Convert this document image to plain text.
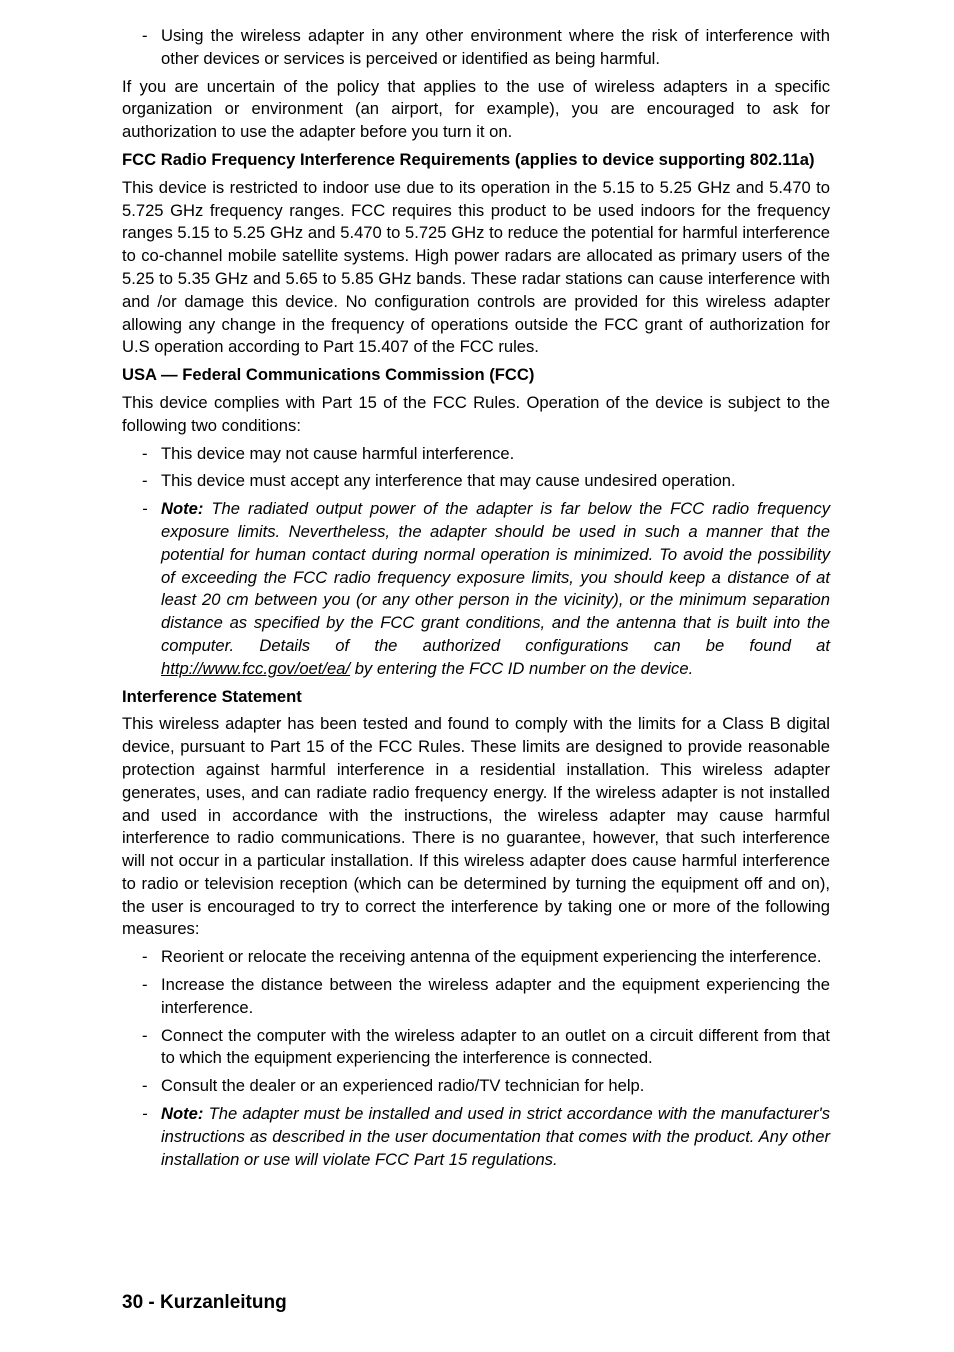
- Using the wireless adapter in any other environment where the risk of interference with other devices or services is perceived or identified as being harmful.

If you are uncertain of the policy that applies to the use of wireless adapters in a specific organization or environment (an airport, for example), you are encouraged to ask for authorization to use the adapter before you turn it on.

FCC Radio Frequency Interference Requirements (applies to device supporting 802.11a)

This device is restricted to indoor use due to its operation in the 5.15 to 5.25 GHz and 5.470 to 5.725 GHz frequency ranges. FCC requires this product to be used indoors for the frequency ranges 5.15 to 5.25 GHz and 5.470 to 5.725 GHz to reduce the potential for harmful interference to co-channel mobile satellite systems. High power radars are allocated as primary users of the 5.25 to 5.35 GHz and 5.65 to 5.85 GHz bands. These radar stations can cause interference with and /or damage this device. No configuration controls are provided for this wireless adapter allowing any change in the frequency of operations outside the FCC grant of authorization for U.S operation according to Part 15.407 of the FCC rules.

USA — Federal Communications Commission (FCC)

This device complies with Part 15 of the FCC Rules. Operation of the device is subject to the following two conditions:

- This device may not cause harmful interference.
- This device must accept any interference that may cause undesired operation.
- Note: The radiated output power of the adapter is far below the FCC radio frequency exposure limits. Nevertheless, the adapter should be used in such a manner that the potential for human contact during normal operation is minimized. To avoid the possibility of exceeding the FCC radio frequency exposure limits, you should keep a distance of at least 20 cm between you (or any other person in the vicinity), or the minimum separation distance as specified by the FCC grant conditions, and the antenna that is built into the computer. Details of the authorized configurations can be found at http://www.fcc.gov/oet/ea/ by entering the FCC ID number on the device.
Interference Statement

This wireless adapter has been tested and found to comply with the limits for a Class B digital device, pursuant to Part 15 of the FCC Rules. These limits are designed to provide reasonable protection against harmful interference in a residential installation. This wireless adapter generates, uses, and can radiate radio frequency energy. If the wireless adapter is not installed and used in accordance with the instructions, the wireless adapter may cause harmful interference to radio communications. There is no guarantee, however, that such interference will not occur in a particular installation. If this wireless adapter does cause harmful interference to radio or television reception (which can be determined by turning the equipment off and on), the user is encouraged to try to correct the interference by taking one or more of the following measures:

- Reorient or relocate the receiving antenna of the equipment experiencing the interference.
- Increase the distance between the wireless adapter and the equipment experiencing the interference.
- Connect the computer with the wireless adapter to an outlet on a circuit different from that to which the equipment experiencing the interference is connected.
- Consult the dealer or an experienced radio/TV technician for help.
- Note: The adapter must be installed and used in strict accordance with the manufacturer's instructions as described in the user documentation that comes with the product. Any other installation or use will violate FCC Part 15 regulations.
30 - Kurzanleitung
